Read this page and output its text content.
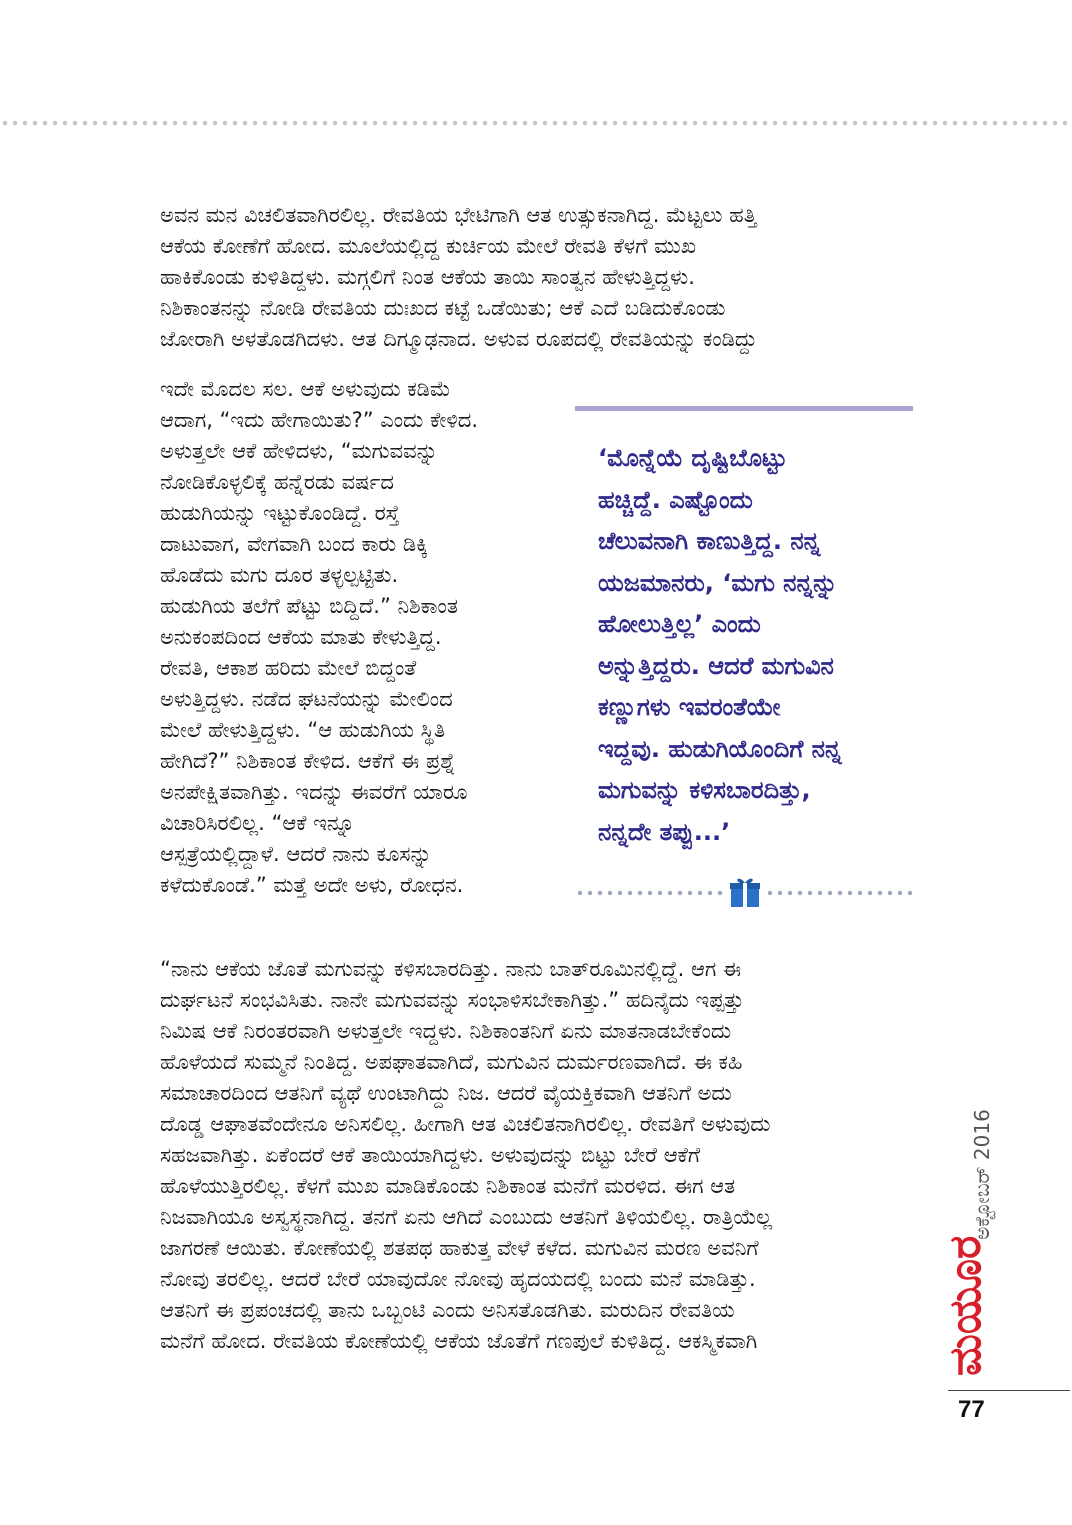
ಅವನ ಮನ ವಿಚಲಿತವಾಗಿರಲಿಲ್ಲ. ರೇವತಿಯ ಭೇಟಿಗಾಗಿ ಆತ ಉತ್ಸುಕನಾಗಿದ್ದ. ಮೆಟ್ಟಲು ಹತ್ತಿ
ಆಕೆಯ ಕೋಣೆಗೆ ಹೋದ. ಮೂಲೆಯಲ್ಲಿದ್ದ ಕುರ್ಚಿಯ ಮೇಲೆ ರೇವತಿ ಕೆಳಗೆ ಮುಖ
ಹಾಕಿಕೊಂಡು ಕುಳಿತಿದ್ದಳು. ಮಗ್ಗಲಿಗೆ ನಿಂತ ಆಕೆಯ ತಾಯಿ ಸಾಂತ್ವನ ಹೇಳುತ್ತಿದ್ದಳು.
ನಿಶಿಕಾಂತನನ್ನು ನೋಡಿ ರೇವತಿಯ ದುಃಖದ ಕಟ್ಟೆ ಒಡೆಯಿತು; ಆಕೆ ಎದೆ ಬಡಿದುಕೊಂಡು
ಜೋರಾಗಿ ಅಳತೊಡಗಿದಳು. ಆತ ದಿಗ್ಮೂಢನಾದ. ಅಳುವ ರೂಪದಲ್ಲಿ ರೇವತಿಯನ್ನು ಕಂಡಿದ್ದು

ಇದೇ ಮೊದಲ ಸಲ. ಆಕೆ ಅಳುವುದು ಕಡಿಮೆ
ಆದಾಗ, “ಇದು ಹೇಗಾಯಿತು?” ಎಂದು ಕೇಳಿದ.
ಅಳುತ್ತಲೇ ಆಕೆ ಹೇಳಿದಳು, “ಮಗುವವನ್ನು
ನೋಡಿಕೊಳ್ಳಲಿಕ್ಕೆ ಹನ್ನೆರಡು ವರ್ಷದ
ಹುಡುಗಿಯನ್ನು ಇಟ್ಟುಕೊಂಡಿದ್ದೆ. ರಸ್ತೆ
ದಾಟುವಾಗ, ವೇಗವಾಗಿ ಬಂದ ಕಾರು ಡಿಕ್ಕಿ
ಹೊಡೆದು ಮಗು ದೂರ ತಳ್ಳಲ್ಪಟ್ಟಿತು.
ಹುಡುಗಿಯ ತಲೆಗೆ ಪೆಟ್ಟು ಬಿದ್ದಿದೆ.” ನಿಶಿಕಾಂತ
ಅನುಕಂಪದಿಂದ ಆಕೆಯ ಮಾತು ಕೇಳುತ್ತಿದ್ದ.
ರೇವತಿ, ಆಕಾಶ ಹರಿದು ಮೇಲೆ ಬಿದ್ದಂತೆ
ಅಳುತ್ತಿದ್ದಳು. ನಡೆದ ಘಟನೆಯನ್ನು ಮೇಲಿಂದ
ಮೇಲೆ ಹೇಳುತ್ತಿದ್ದಳು. “ಆ ಹುಡುಗಿಯ ಸ್ಥಿತಿ
ಹೇಗಿದೆ?” ನಿಶಿಕಾಂತ ಕೇಳಿದ. ಆಕೆಗೆ ಈ ಪ್ರಶ್ನೆ
ಅನಪೇಕ್ಷಿತವಾಗಿತ್ತು. ಇದನ್ನು ಈವರೆಗೆ ಯಾರೂ
ವಿಚಾರಿಸಿರಲಿಲ್ಲ. “ಆಕೆ ಇನ್ನೂ
ಆಸ್ಪತ್ರೆಯಲ್ಲಿದ್ದಾಳೆ. ಆದರೆ ನಾನು ಕೂಸನ್ನು
ಕಳೆದುಕೊಂಡೆ.” ಮತ್ತೆ ಅದೇ ಅಳು, ರೋಧನ.

‘ಮೊನ್ನೆಯೆ ದೃಷ್ಟಿಬೊಟ್ಟು
ಹಚ್ಚಿದ್ದೆ. ಎಷ್ಟೊಂದು
ಚೆಲುವನಾಗಿ ಕಾಣುತ್ತಿದ್ದ. ನನ್ನ
ಯಜಮಾನರು, ‘ಮಗು ನನ್ನನ್ನು
ಹೋಲುತ್ತಿಲ್ಲ’ ಎಂದು
ಅನ್ನುತ್ತಿದ್ದರು. ಆದರೆ ಮಗುವಿನ
ಕಣ್ಣುಗಳು ಇವರಂತೆಯೇ
ಇದ್ದವು. ಹುಡುಗಿಯೊಂದಿಗೆ ನನ್ನ
ಮಗುವನ್ನು ಕಳಿಸಬಾರದಿತ್ತು,
ನನ್ನದೇ ತಪ್ಪು...’

“ನಾನು ಆಕೆಯ ಜೊತೆ ಮಗುವನ್ನು ಕಳಿಸಬಾರದಿತ್ತು. ನಾನು ಬಾತ್‌ರೂಮಿನಲ್ಲಿದ್ದೆ. ಆಗ ಈ
ದುರ್ಘಟನೆ ಸಂಭವಿಸಿತು. ನಾನೇ ಮಗುವವನ್ನು ಸಂಭಾಳಿಸಬೇಕಾಗಿತ್ತು.” ಹದಿನೈದು ಇಪ್ಪತ್ತು
ನಿಮಿಷ ಆಕೆ ನಿರಂತರವಾಗಿ ಅಳುತ್ತಲೇ ಇದ್ದಳು. ನಿಶಿಕಾಂತನಿಗೆ ಏನು ಮಾತನಾಡಬೇಕೆಂದು
ಹೊಳೆಯದೆ ಸುಮ್ಮನೆ ನಿಂತಿದ್ದ. ಅಪಘಾತವಾಗಿದೆ, ಮಗುವಿನ ದುರ್ಮರಣವಾಗಿದೆ. ಈ ಕಹಿ
ಸಮಾಚಾರದಿಂದ ಆತನಿಗೆ ವ್ಯಥೆ ಉಂಟಾಗಿದ್ದು ನಿಜ. ಆದರೆ ವೈಯಕ್ತಿಕವಾಗಿ ಆತನಿಗೆ ಅದು
ದೊಡ್ಡ ಆಘಾತವೆಂದೇನೂ ಅನಿಸಲಿಲ್ಲ. ಹೀಗಾಗಿ ಆತ ವಿಚಲಿತನಾಗಿರಲಿಲ್ಲ. ರೇವತಿಗೆ ಅಳುವುದು
ಸಹಜವಾಗಿತ್ತು. ಏಕೆಂದರೆ ಆಕೆ ತಾಯಿಯಾಗಿದ್ದಳು. ಅಳುವುದನ್ನು ಬಿಟ್ಟು ಬೇರೆ ಆಕೆಗೆ
ಹೊಳೆಯುತ್ತಿರಲಿಲ್ಲ. ಕೆಳಗೆ ಮುಖ ಮಾಡಿಕೊಂಡು ನಿಶಿಕಾಂತ ಮನೆಗೆ ಮರಳಿದ. ಈಗ ಆತ
ನಿಜವಾಗಿಯೂ ಅಸ್ವಸ್ಥನಾಗಿದ್ದ. ತನಗೆ ಏನು ಆಗಿದೆ ಎಂಬುದು ಆತನಿಗೆ ತಿಳಿಯಲಿಲ್ಲ. ರಾತ್ರಿಯೆಲ್ಲ
ಜಾಗರಣೆ ಆಯಿತು. ಕೋಣೆಯಲ್ಲಿ ಶತಪಥ ಹಾಕುತ್ತ ವೇಳೆ ಕಳೆದ. ಮಗುವಿನ ಮರಣ ಅವನಿಗೆ
ನೋವು ತರಲಿಲ್ಲ. ಆದರೆ ಬೇರೆ ಯಾವುದೋ ನೋವು ಹೃದಯದಲ್ಲಿ ಬಂದು ಮನೆ ಮಾಡಿತ್ತು.
ಆತನಿಗೆ ಈ ಪ್ರಪಂಚದಲ್ಲಿ ತಾನು ಒಬ್ಬಂಟಿ ಎಂದು ಅನಿಸತೊಡಗಿತು. ಮರುದಿನ ರೇವತಿಯ
ಮನೆಗೆ ಹೋದ. ರೇವತಿಯ ಕೋಣೆಯಲ್ಲಿ ಆಕೆಯ ಜೊತೆಗೆ ಗಣಪುಲೆ ಕುಳಿತಿದ್ದ. ಆಕಸ್ಮಿಕವಾಗಿ

ಅಕ್ಟೋಬರ್ 2016
ಮಯೂರ
77
